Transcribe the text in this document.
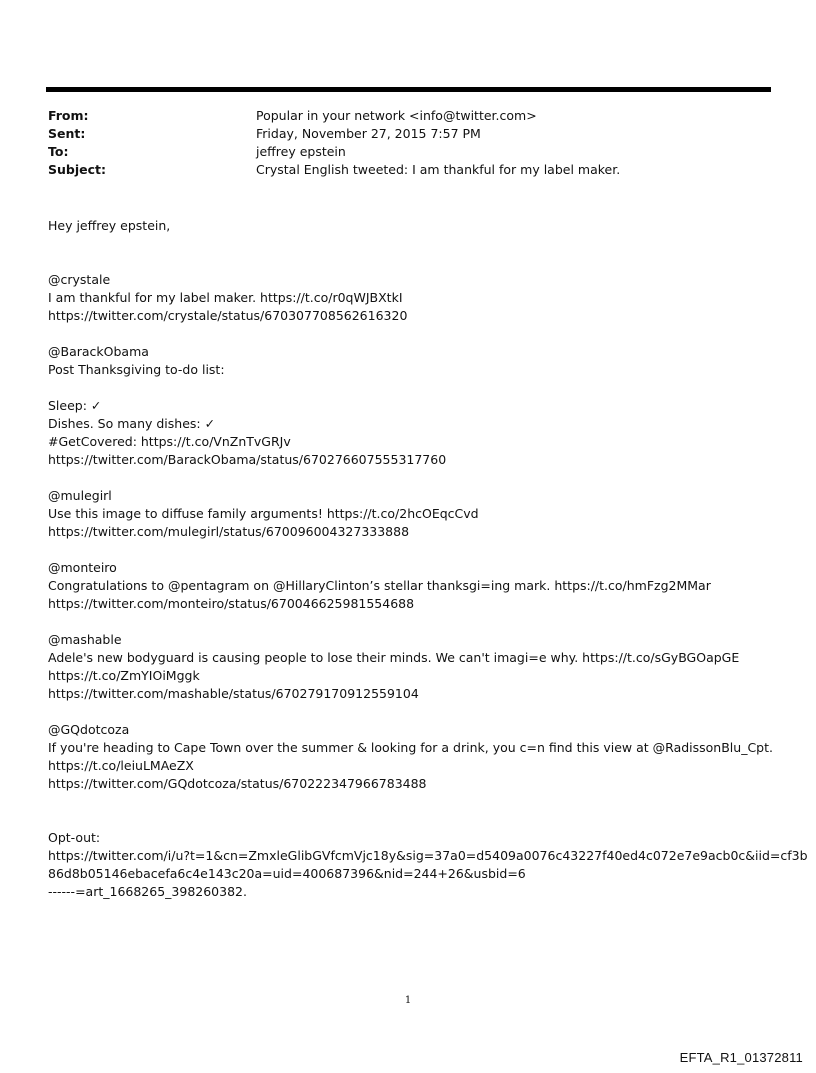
From:	Popular in your network <info@twitter.com>
Sent:	Friday, November 27, 2015 7:57 PM
To:	jeffrey epstein
Subject:	Crystal English tweeted: I am thankful for my label maker.
Hey jeffrey epstein,
@crystale
I am thankful for my label maker. https://t.co/r0qWJBXtkI
https://twitter.com/crystale/status/670307708562616320
@BarackObama
Post Thanksgiving to-do list:

Sleep: ✓
Dishes. So many dishes: ✓
#GetCovered: https://t.co/VnZnTvGRJv
https://twitter.com/BarackObama/status/670276607555317760
@mulegirl
Use this image to diffuse family arguments! https://t.co/2hcOEqcCvd
https://twitter.com/mulegirl/status/670096004327333888
@monteiro
Congratulations to @pentagram on @HillaryClinton’s stellar thanksgi=ing mark. https://t.co/hmFzg2MMar
https://twitter.com/monteiro/status/670046625981554688
@mashable
Adele's new bodyguard is causing people to lose their minds. We can't imagi=e why. https://t.co/sGyBGOapGE
https://t.co/ZmYIOiMggk
https://twitter.com/mashable/status/670279170912559104
@GQdotcoza
If you're heading to Cape Town over the summer & looking for a drink, you c=n find this view at @RadissonBlu_Cpt.
https://t.co/leiuLMAeZX
https://twitter.com/GQdotcoza/status/670222347966783488
Opt-out:
https://twitter.com/i/u?t=1&cn=ZmxleGlibGVfcmVjc18y&sig=37a0=d5409a0076c43227f40ed4c072e7e9acb0c&iid=cf3b
86d8b05146ebacefa6c4e143c20a=uid=400687396&nid=244+26&usbid=6
------=art_1668265_398260382.
1
EFTA_R1_01372811
